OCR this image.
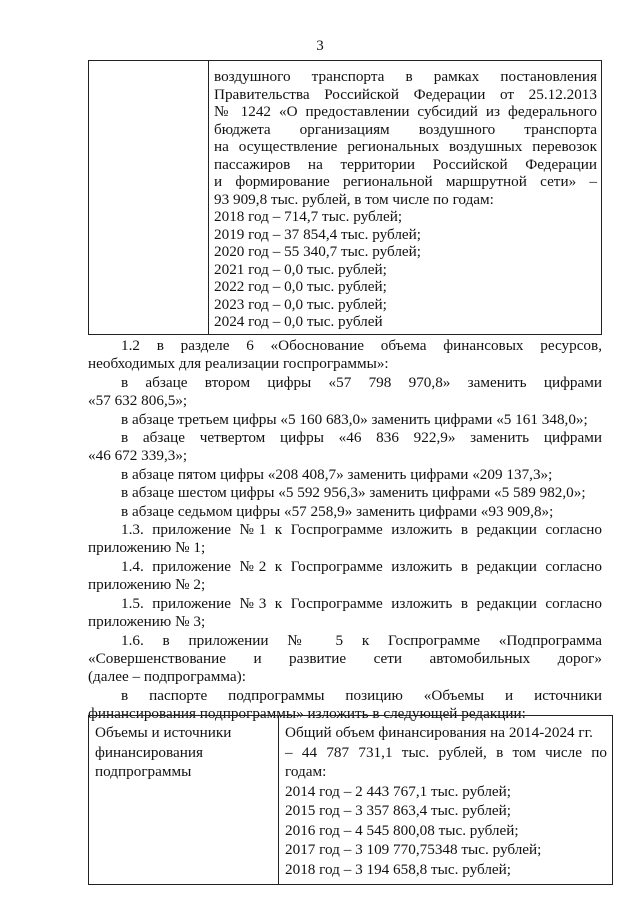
3
воздушного транспорта в рамках постановления
Правительства Российской Федерации от 25.12.2013
№ 1242 «О предоставлении субсидий из федерального
бюджета организациям воздушного транспорта
на осуществление региональных воздушных перевозок
пассажиров на территории Российской Федерации
и формирование региональной маршрутной сети» –
93 909,8 тыс. рублей, в том числе по годам:
2018 год – 714,7 тыс. рублей;
2019 год – 37 854,4 тыс. рублей;
2020 год – 55 340,7 тыс. рублей;
2021 год – 0,0 тыс. рублей;
2022 год – 0,0 тыс. рублей;
2023 год – 0,0 тыс. рублей;
2024 год – 0,0 тыс. рублей
1.2 в разделе 6 «Обоснование объема финансовых ресурсов,
необходимых для реализации госпрограммы»:
в абзаце втором цифры «57 798 970,8» заменить цифрами
«57 632 806,5»;
в абзаце третьем цифры «5 160 683,0» заменить цифрами «5 161 348,0»;
в абзаце четвертом цифры «46 836 922,9» заменить цифрами
«46 672 339,3»;
в абзаце пятом цифры «208 408,7» заменить цифрами «209 137,3»;
в абзаце шестом цифры «5 592 956,3» заменить цифрами «5 589 982,0»;
в абзаце седьмом цифры «57 258,9» заменить цифрами «93 909,8»;
1.3. приложение №1 к Госпрограмме изложить в редакции согласно
приложению № 1;
1.4. приложение №2 к Госпрограмме изложить в редакции согласно
приложению № 2;
1.5. приложение №3 к Госпрограмме изложить в редакции согласно
приложению № 3;
1.6. в приложении № 5 к Госпрограмме «Подпрограмма
«Совершенствование и развитие сети автомобильных дорог»
(далее – подпрограмма):
в паспорте подпрограммы позицию «Объемы и источники
финансирования подпрограммы» изложить в следующей редакции:
Объемы и источники
финансирования
подпрограммы
Общий объем финансирования на 2014-2024 гг.
– 44 787 731,1 тыс. рублей, в том числе по
годам:
2014 год – 2 443 767,1 тыс. рублей;
2015 год – 3 357 863,4 тыс. рублей;
2016 год – 4 545 800,08 тыс. рублей;
2017 год – 3 109 770,75348 тыс. рублей;
2018 год – 3 194 658,8 тыс. рублей;
